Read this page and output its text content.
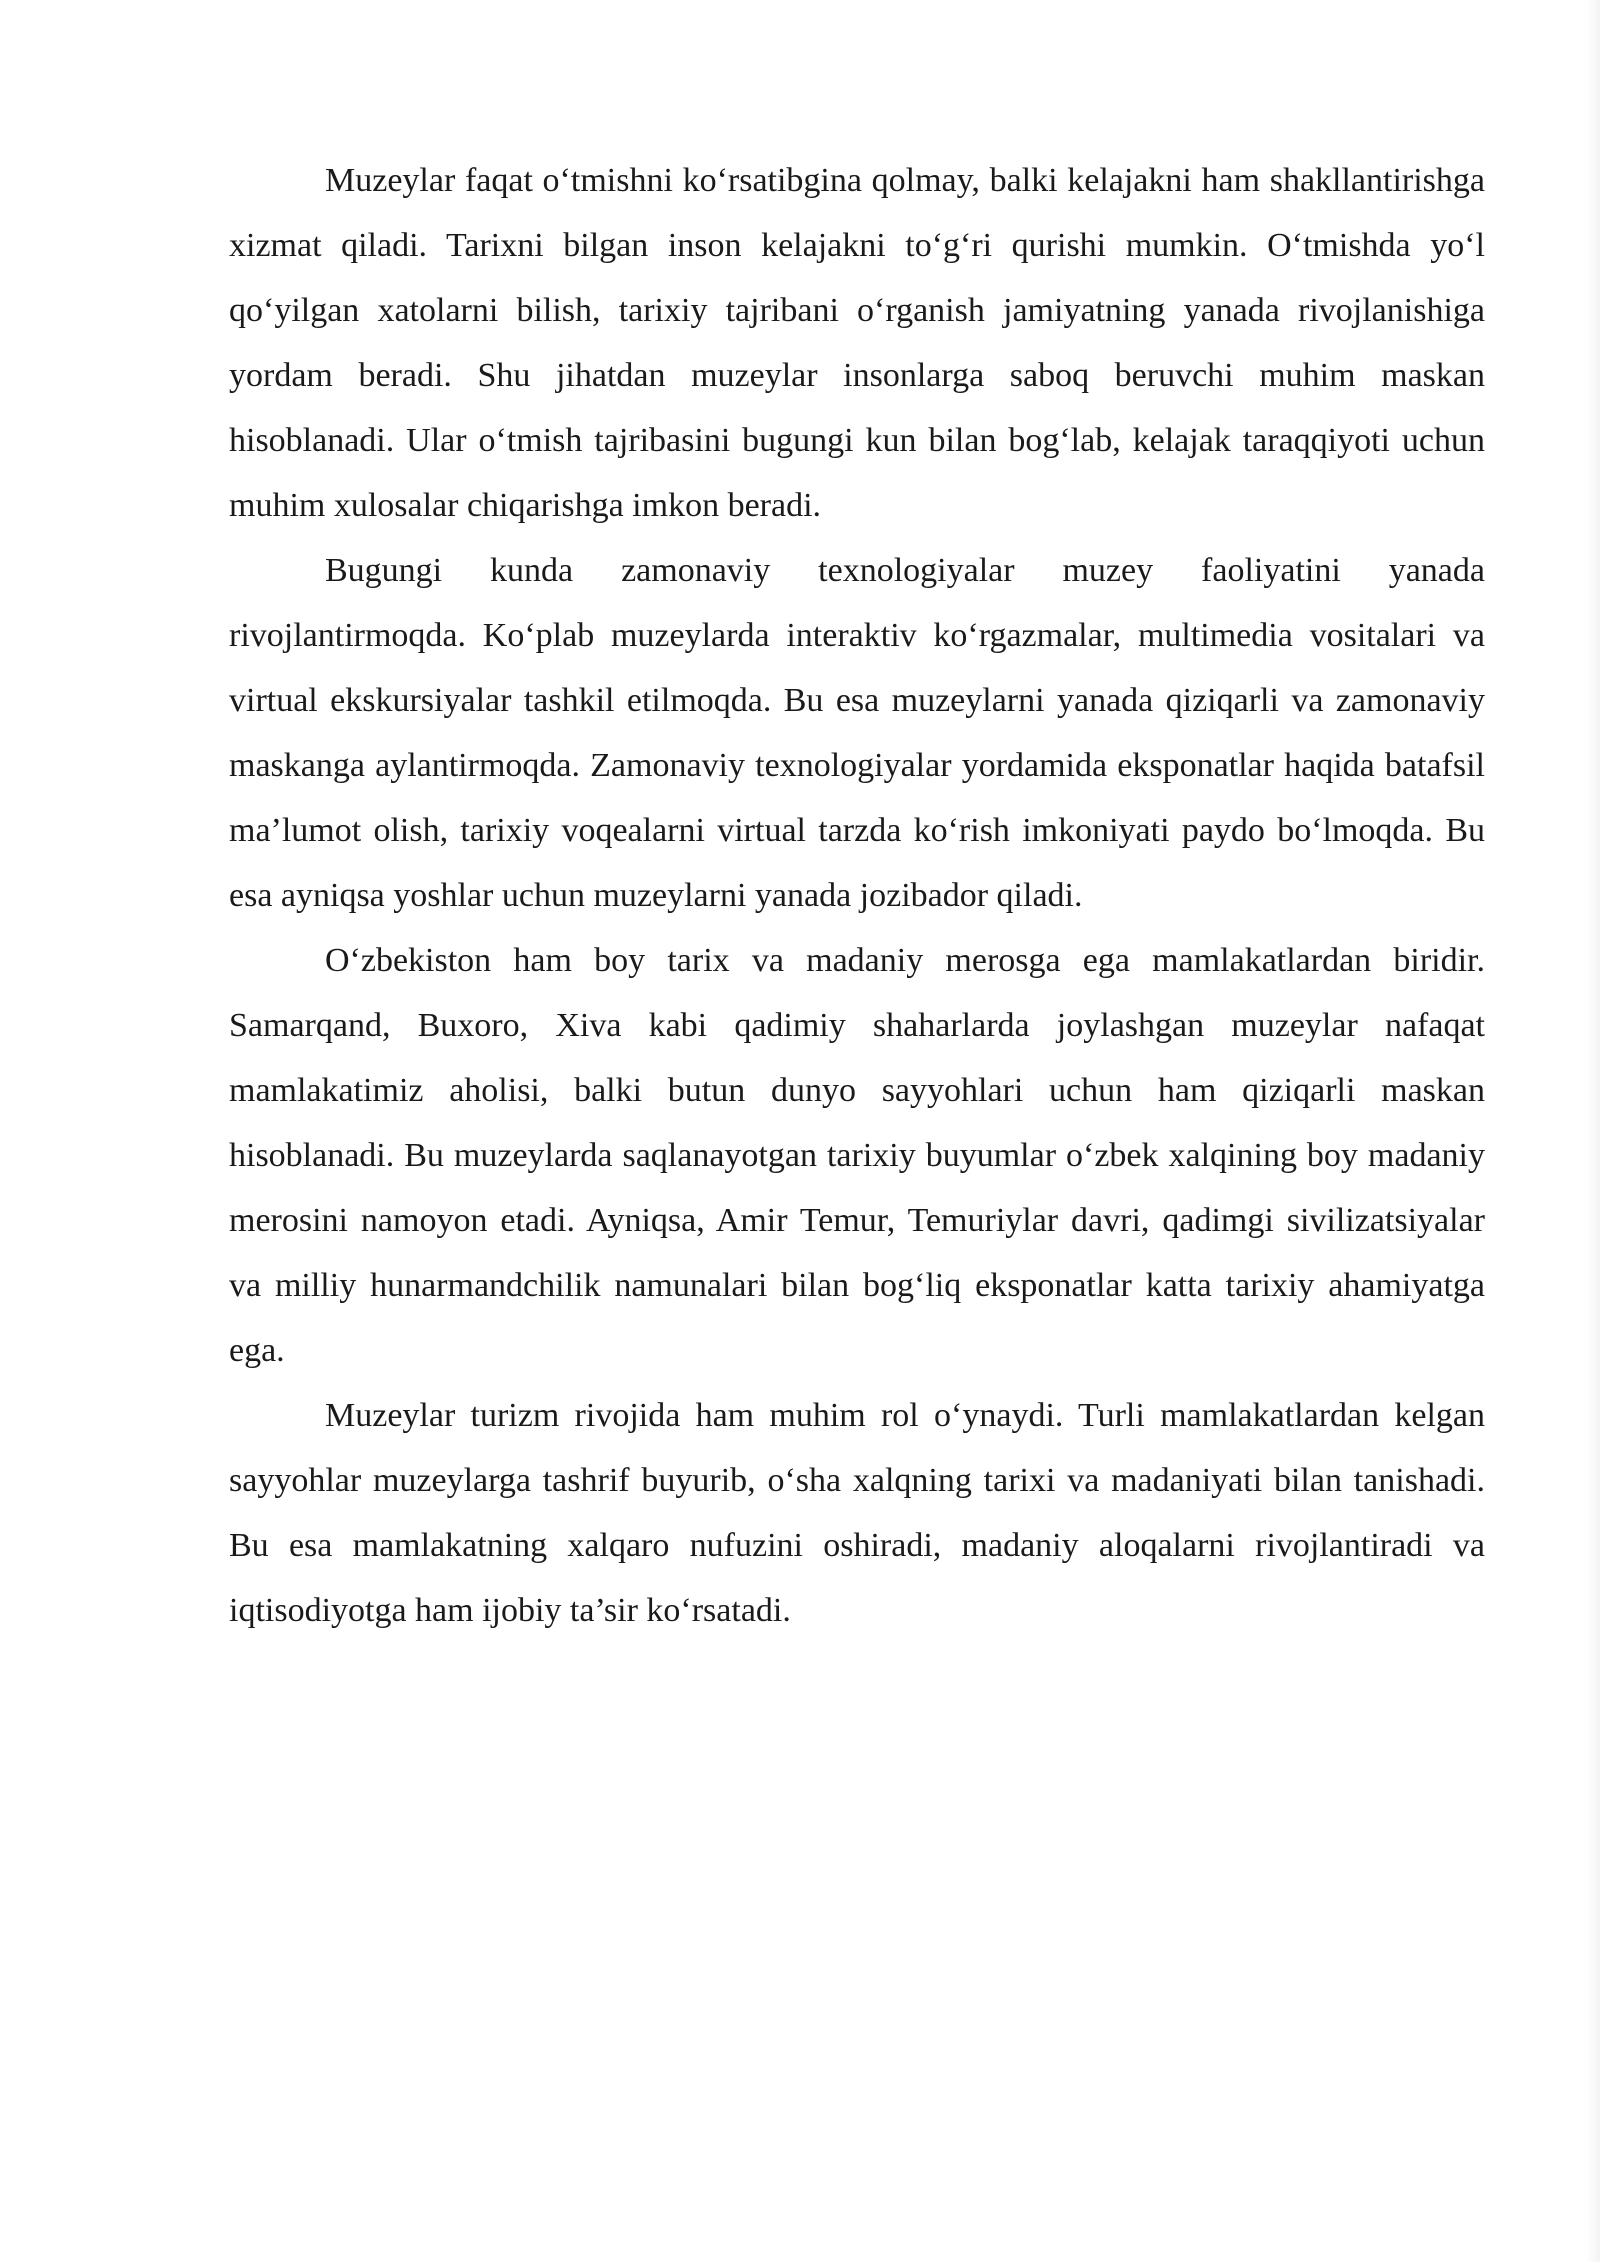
Muzeylar faqat o‘tmishni ko‘rsatibgina qolmay, balki kelajakni ham shakllantirishga xizmat qiladi. Tarixni bilgan inson kelajakni to‘g‘ri qurishi mumkin. O‘tmishda yo‘l qo‘yilgan xatolarni bilish, tarixiy tajribani o‘rganish jamiyatning yanada rivojlanishiga yordam beradi. Shu jihatdan muzeylar insonlarga saboq beruvchi muhim maskan hisoblanadi. Ular o‘tmish tajribasini bugungi kun bilan bog‘lab, kelajak taraqqiyoti uchun muhim xulosalar chiqarishga imkon beradi.

Bugungi kunda zamonaviy texnologiyalar muzey faoliyatini yanada rivojlantirmoqda. Ko‘plab muzeylarda interaktiv ko‘rgazmalar, multimedia vositalari va virtual ekskursiyalar tashkil etilmoqda. Bu esa muzeylarni yanada qiziqarli va zamonaviy maskanga aylantirmoqda. Zamonaviy texnologiyalar yordamida eksponatlar haqida batafsil ma’lumot olish, tarixiy voqealarni virtual tarzda ko‘rish imkoniyati paydo bo‘lmoqda. Bu esa ayniqsa yoshlar uchun muzeylarni yanada jozibador qiladi.

O‘zbekiston ham boy tarix va madaniy merosga ega mamlakatlardan biridir. Samarqand, Buxoro, Xiva kabi qadimiy shaharlarda joylashgan muzeylar nafaqat mamlakatimiz aholisi, balki butun dunyo sayyohlari uchun ham qiziqarli maskan hisoblanadi. Bu muzeylarda saqlanayotgan tarixiy buyumlar o‘zbek xalqining boy madaniy merosini namoyon etadi. Ayniqsa, Amir Temur, Temuriylar davri, qadimgi sivilizatsiyalar va milliy hunarmandchilik namunalari bilan bog‘liq eksponatlar katta tarixiy ahamiyatga ega.

Muzeylar turizm rivojida ham muhim rol o‘ynaydi. Turli mamlakatlardan kelgan sayyohlar muzeylarga tashrif buyurib, o‘sha xalqning tarixi va madaniyati bilan tanishadi. Bu esa mamlakatning xalqaro nufuzini oshiradi, madaniy aloqalarni rivojlantiradi va iqtisodiyotga ham ijobiy ta’sir ko‘rsatadi.
